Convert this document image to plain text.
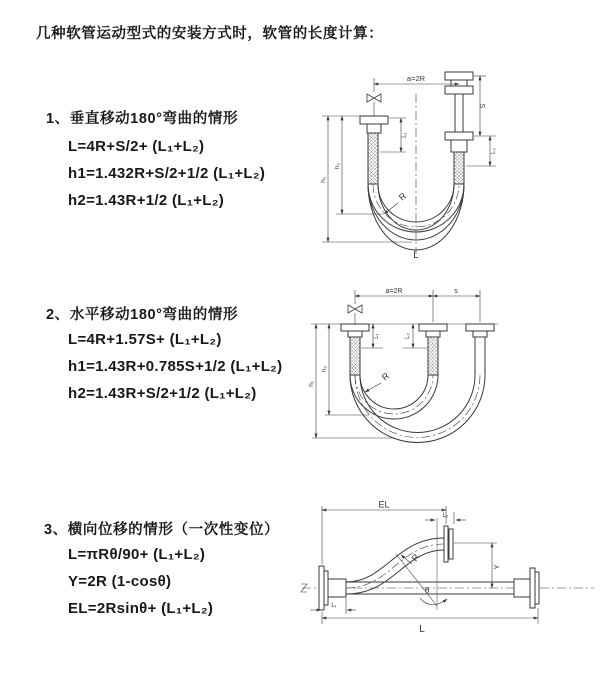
几种软管运动型式的安装方式时，软管的长度计算：
1、垂直移动180°弯曲的情形
L=4R+S/2+ (L₁+L₂)
h1=1.432R+S/2+1/2 (L₁+L₂)
h2=1.43R+1/2 (L₁+L₂)
2、水平移动180°弯曲的情形
L=4R+1.57S+ (L₁+L₂)
h1=1.43R+0.785S+1/2 (L₁+L₂)
h2=1.43R+S/2+1/2 (L₁+L₂)
3、横向位移的情形（一次性变位）
L=πRθ/90+ (L₁+L₂)
Y=2R (1-cosθ)
EL=2Rsinθ+ (L₁+L₂)
a=2R
S
L₂
L₁
h₂
h₁
R
L
a=2R	s
h₂
h₁
L₁	L₂
R
EL
L₂
Y
L
L₁
R
θ
